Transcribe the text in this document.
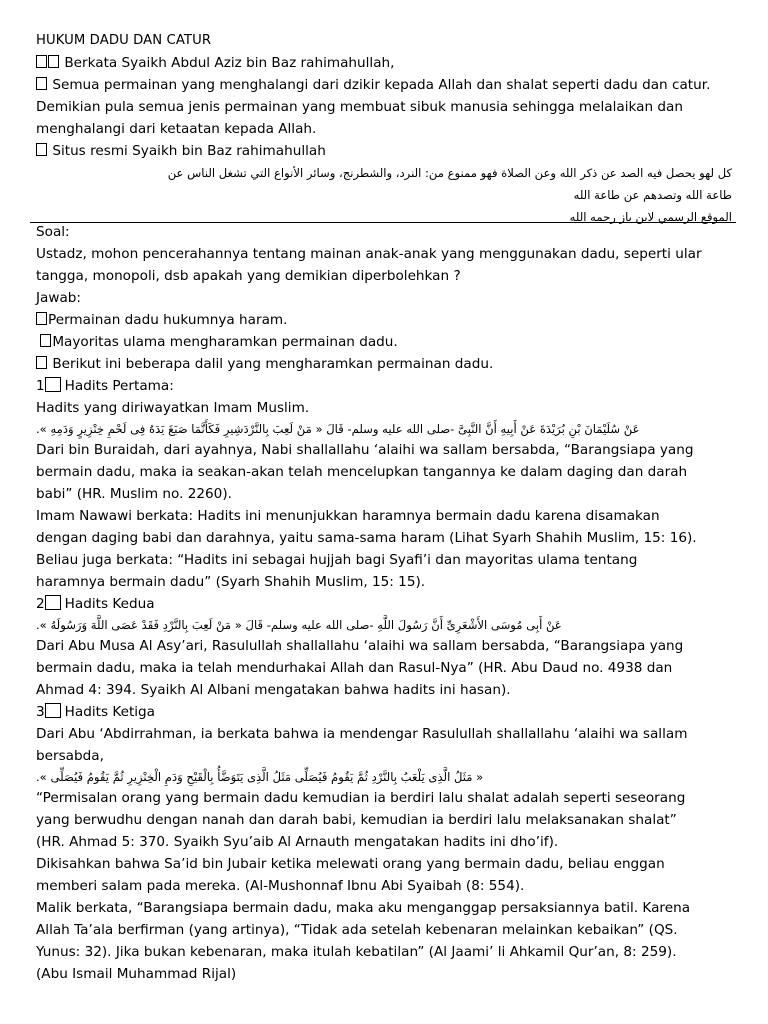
HUKUM DADU DAN CATUR
Berkata Syaikh Abdul Aziz bin Baz rahimahullah,
Semua permainan yang menghalangi dari dzikir kepada Allah dan shalat seperti dadu dan catur.
Demikian pula semua jenis permainan yang membuat sibuk manusia sehingga melalaikan dan
menghalangi dari ketaatan kepada Allah.
Situs resmi Syaikh bin Baz rahimahullah
كل لهو يحصل فيه الصد عن ذكر الله وعن الصلاة فهو ممنوع من: النرد، والشطرنج، وسائر الأنواع التي تشغل الناس عن
طاعة الله وتصدهم عن طاعة الله
الموقع الرسمي لابن باز رحمه الله
Soal:
Ustadz, mohon pencerahannya tentang mainan anak-anak yang menggunakan dadu, seperti ular
tangga, monopoli, dsb apakah yang demikian diperbolehkan ?
Jawab:
Permainan dadu hukumnya haram.
Mayoritas ulama mengharamkan permainan dadu.
Berikut ini beberapa dalil yang mengharamkan permainan dadu.
1 Hadits Pertama:
Hadits yang diriwayatkan Imam Muslim.
عَنْ سُلَيْمَانَ بْنِ بُرَيْدَةَ عَنْ أَبِيهِ أَنَّ النَّبِىَّ -صلى الله عليه وسلم- قَالَ « مَنْ لَعِبَ بِالنَّرْدَشِيرِ فَكَأَنَّمَا صَبَغَ يَدَهُ فِى لَحْمِ خِنْزِيرٍ وَدَمِهِ ».
Dari bin Buraidah, dari ayahnya, Nabi shallallahu ‘alaihi wa sallam bersabda, “Barangsiapa yang
bermain dadu, maka ia seakan-akan telah mencelupkan tangannya ke dalam daging dan darah
babi” (HR. Muslim no. 2260).
Imam Nawawi berkata: Hadits ini menunjukkan haramnya bermain dadu karena disamakan
dengan daging babi dan darahnya, yaitu sama-sama haram (Lihat Syarh Shahih Muslim, 15: 16).
Beliau juga berkata: “Hadits ini sebagai hujjah bagi Syafi’i dan mayoritas ulama tentang
haramnya bermain dadu” (Syarh Shahih Muslim, 15: 15).
2 Hadits Kedua
عَنْ أَبِى مُوسَى الأَشْعَرِىِّ أَنَّ رَسُولَ اللَّهِ -صلى الله عليه وسلم- قَالَ « مَنْ لَعِبَ بِالنَّرْدِ فَقَدْ عَصَى اللَّهَ وَرَسُولَهُ ».
Dari Abu Musa Al Asy’ari, Rasulullah shallallahu ‘alaihi wa sallam bersabda, “Barangsiapa yang
bermain dadu, maka ia telah mendurhakai Allah dan Rasul-Nya” (HR. Abu Daud no. 4938 dan
Ahmad 4: 394. Syaikh Al Albani mengatakan bahwa hadits ini hasan).
3 Hadits Ketiga
Dari Abu ‘Abdirrahman, ia berkata bahwa ia mendengar Rasulullah shallallahu ‘alaihi wa sallam
bersabda,
« مَثَلُ الَّذِى يَلْعَبُ بِالنَّرْدِ ثُمَّ يَقُومُ فَيُصَلِّى مَثَلُ الَّذِى يَتَوَضَّأُ بِالْقَيْحِ وَدَمِ الْخِنْزِيرِ ثُمَّ يَقُومُ فَيُصَلِّى ».
“Permisalan orang yang bermain dadu kemudian ia berdiri lalu shalat adalah seperti seseorang
yang berwudhu dengan nanah dan darah babi, kemudian ia berdiri lalu melaksanakan shalat”
(HR. Ahmad 5: 370. Syaikh Syu’aib Al Arnauth mengatakan hadits ini dho’if).
Dikisahkan bahwa Sa’id bin Jubair ketika melewati orang yang bermain dadu, beliau enggan
memberi salam pada mereka. (Al-Mushonnaf Ibnu Abi Syaibah (8: 554).
Malik berkata, “Barangsiapa bermain dadu, maka aku menganggap persaksiannya batil. Karena
Allah Ta’ala berfirman (yang artinya), “Tidak ada setelah kebenaran melainkan kebaikan” (QS.
Yunus: 32). Jika bukan kebenaran, maka itulah kebatilan” (Al Jaami’ li Ahkamil Qur’an, 8: 259).
(Abu Ismail Muhammad Rijal)
